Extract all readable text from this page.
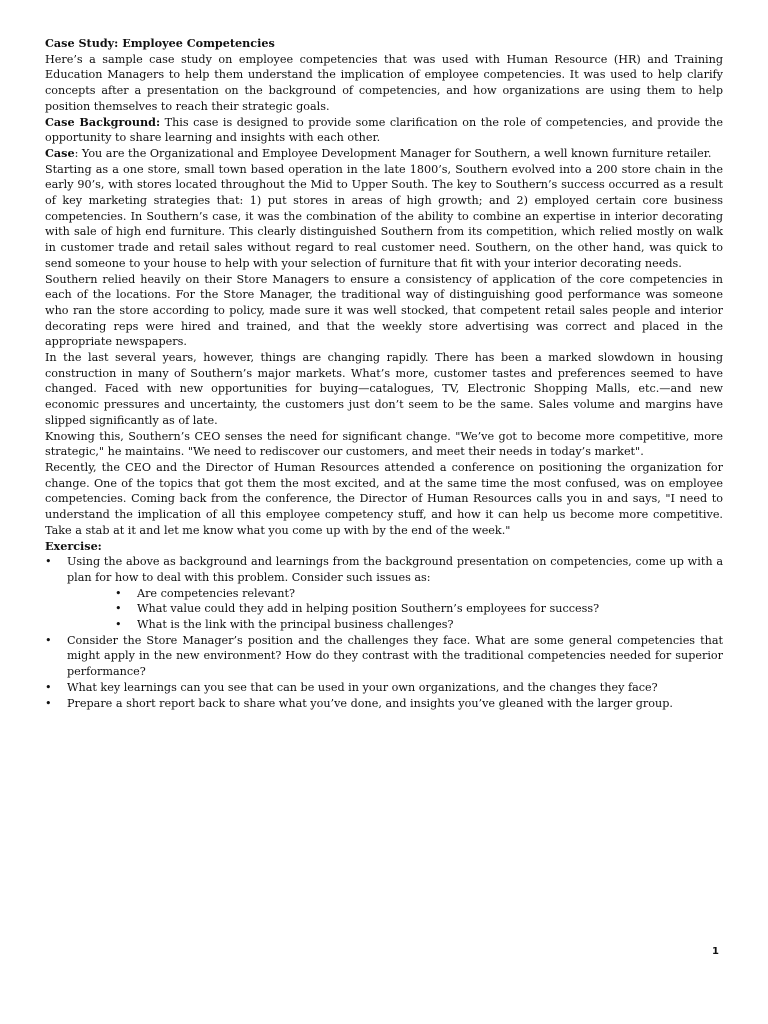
Case Study: Employee Competencies

Here’s a sample case study on employee competencies that was used with Human Resource (HR) and Training Education Managers to help them understand the implication of employee competencies. It was used to help clarify concepts after a presentation on the background of competencies, and how organizations are using them to help position themselves to reach their strategic goals.

Case Background: This case is designed to provide some clarification on the role of competencies, and provide the opportunity to share learning and insights with each other.

Case: You are the Organizational and Employee Development Manager for Southern, a well known furniture retailer.

Starting as a one store, small town based operation in the late 1800’s, Southern evolved into a 200 store chain in the early 90’s, with stores located throughout the Mid to Upper South. The key to Southern’s success occurred as a result of key marketing strategies that: 1) put stores in areas of high growth; and 2) employed certain core business competencies. In Southern’s case, it was the combination of the ability to combine an expertise in interior decorating with sale of high end furniture. This clearly distinguished Southern from its competition, which relied mostly on walk in customer trade and retail sales without regard to real customer need. Southern, on the other hand, was quick to send someone to your house to help with your selection of furniture that fit with your interior decorating needs.

Southern relied heavily on their Store Managers to ensure a consistency of application of the core competencies in each of the locations. For the Store Manager, the traditional way of distinguishing good performance was someone who ran the store according to policy, made sure it was well stocked, that competent retail sales people and interior decorating reps were hired and trained, and that the weekly store advertising was correct and placed in the appropriate newspapers.

In the last several years, however, things are changing rapidly. There has been a marked slowdown in housing construction in many of Southern’s major markets. What’s more, customer tastes and preferences seemed to have changed. Faced with new opportunities for buying—catalogues, TV, Electronic Shopping Malls, etc.—and new economic pressures and uncertainty, the customers just don’t seem to be the same. Sales volume and margins have slipped significantly as of late.

Knowing this, Southern’s CEO senses the need for significant change. "We’ve got to become more competitive, more strategic," he maintains. "We need to rediscover our customers, and meet their needs in today’s market".

Recently, the CEO and the Director of Human Resources attended a conference on positioning the organization for change. One of the topics that got them the most excited, and at the same time the most confused, was on employee competencies. Coming back from the conference, the Director of Human Resources calls you in and says, "I need to understand the implication of all this employee competency stuff, and how it can help us become more competitive. Take a stab at it and let me know what you come up with by the end of the week."

Exercise:

• Using the above as background and learnings from the background presentation on competencies, come up with a plan for how to deal with this problem. Consider such issues as:
• Are competencies relevant?
• What value could they add in helping position Southern’s employees for success?
• What is the link with the principal business challenges?
• Consider the Store Manager’s position and the challenges they face. What are some general competencies that might apply in the new environment? How do they contrast with the traditional competencies needed for superior performance?
• What key learnings can you see that can be used in your own organizations, and the changes they face?
• Prepare a short report back to share what you’ve done, and insights you’ve gleaned with the larger group.
1
